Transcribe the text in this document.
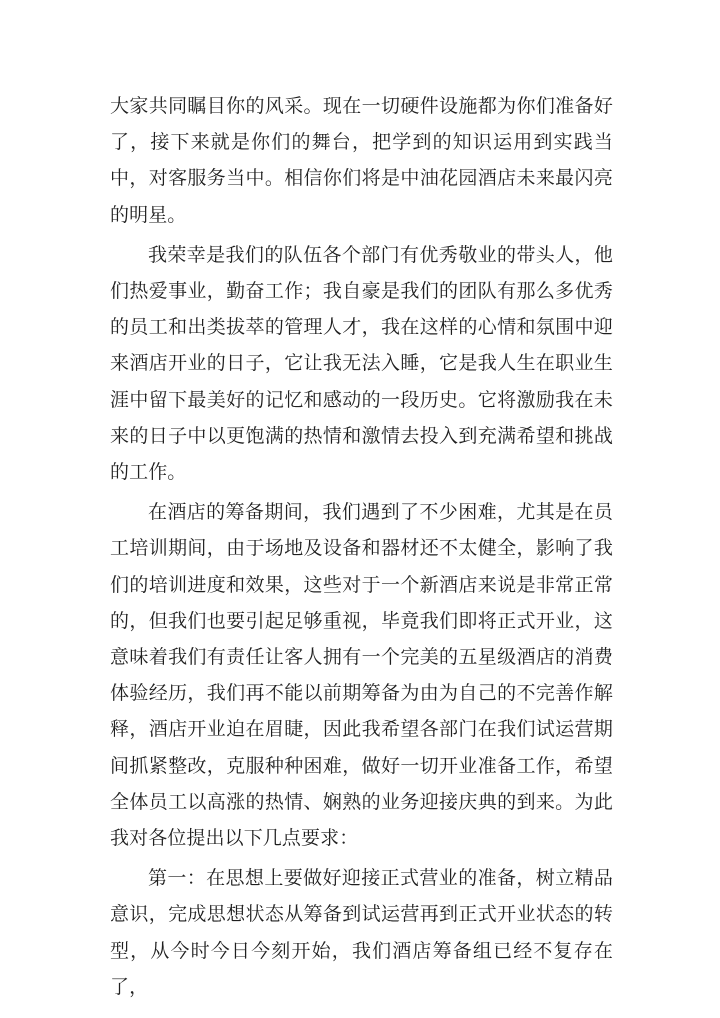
大家共同瞩目你的风采。现在一切硬件设施都为你们准备好了，接下来就是你们的舞台，把学到的知识运用到实践当中，对客服务当中。相信你们将是中油花园酒店未来最闪亮的明星。

我荣幸是我们的队伍各个部门有优秀敬业的带头人，他们热爱事业，勤奋工作；我自豪是我们的团队有那么多优秀的员工和出类拔萃的管理人才，我在这样的心情和氛围中迎来酒店开业的日子，它让我无法入睡，它是我人生在职业生涯中留下最美好的记忆和感动的一段历史。它将激励我在未来的日子中以更饱满的热情和激情去投入到充满希望和挑战的工作。

在酒店的筹备期间，我们遇到了不少困难，尤其是在员工培训期间，由于场地及设备和器材还不太健全，影响了我们的培训进度和效果，这些对于一个新酒店来说是非常正常的，但我们也要引起足够重视，毕竟我们即将正式开业，这意味着我们有责任让客人拥有一个完美的五星级酒店的消费体验经历，我们再不能以前期筹备为由为自己的不完善作解释，酒店开业迫在眉睫，因此我希望各部门在我们试运营期间抓紧整改，克服种种困难，做好一切开业准备工作，希望全体员工以高涨的热情、娴熟的业务迎接庆典的到来。为此我对各位提出以下几点要求：

第一：在思想上要做好迎接正式营业的准备，树立精品意识，完成思想状态从筹备到试运营再到正式开业状态的转型，从今时今日今刻开始，我们酒店筹备组已经不复存在了，
